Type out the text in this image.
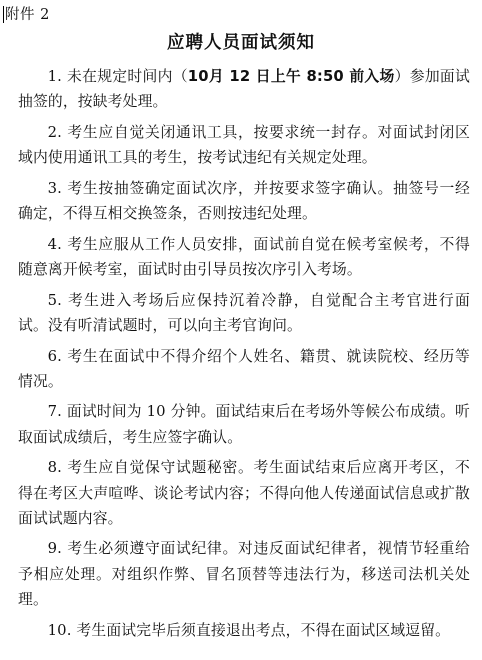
附件 2
应聘人员面试须知

1. 未在规定时间内（10月 12 日上午 8:50 前入场）参加面试抽签的，按缺考处理。

2. 考生应自觉关闭通讯工具，按要求统一封存。对面试封闭区域内使用通讯工具的考生，按考试违纪有关规定处理。

3. 考生按抽签确定面试次序，并按要求签字确认。抽签号一经确定，不得互相交换签条，否则按违纪处理。

4. 考生应服从工作人员安排，面试前自觉在候考室候考，不得随意离开候考室，面试时由引导员按次序引入考场。

5. 考生进入考场后应保持沉着冷静，自觉配合主考官进行面试。没有听清试题时，可以向主考官询问。

6. 考生在面试中不得介绍个人姓名、籍贯、就读院校、经历等情况。

7. 面试时间为 10 分钟。面试结束后在考场外等候公布成绩。听取面试成绩后，考生应签字确认。

8. 考生应自觉保守试题秘密。考生面试结束后应离开考区，不得在考区大声喧哗、谈论考试内容；不得向他人传递面试信息或扩散面试试题内容。

9. 考生必须遵守面试纪律。对违反面试纪律者，视情节轻重给予相应处理。对组织作弊、冒名顶替等违法行为，移送司法机关处理。

10. 考生面试完毕后须直接退出考点，不得在面试区域逗留。
